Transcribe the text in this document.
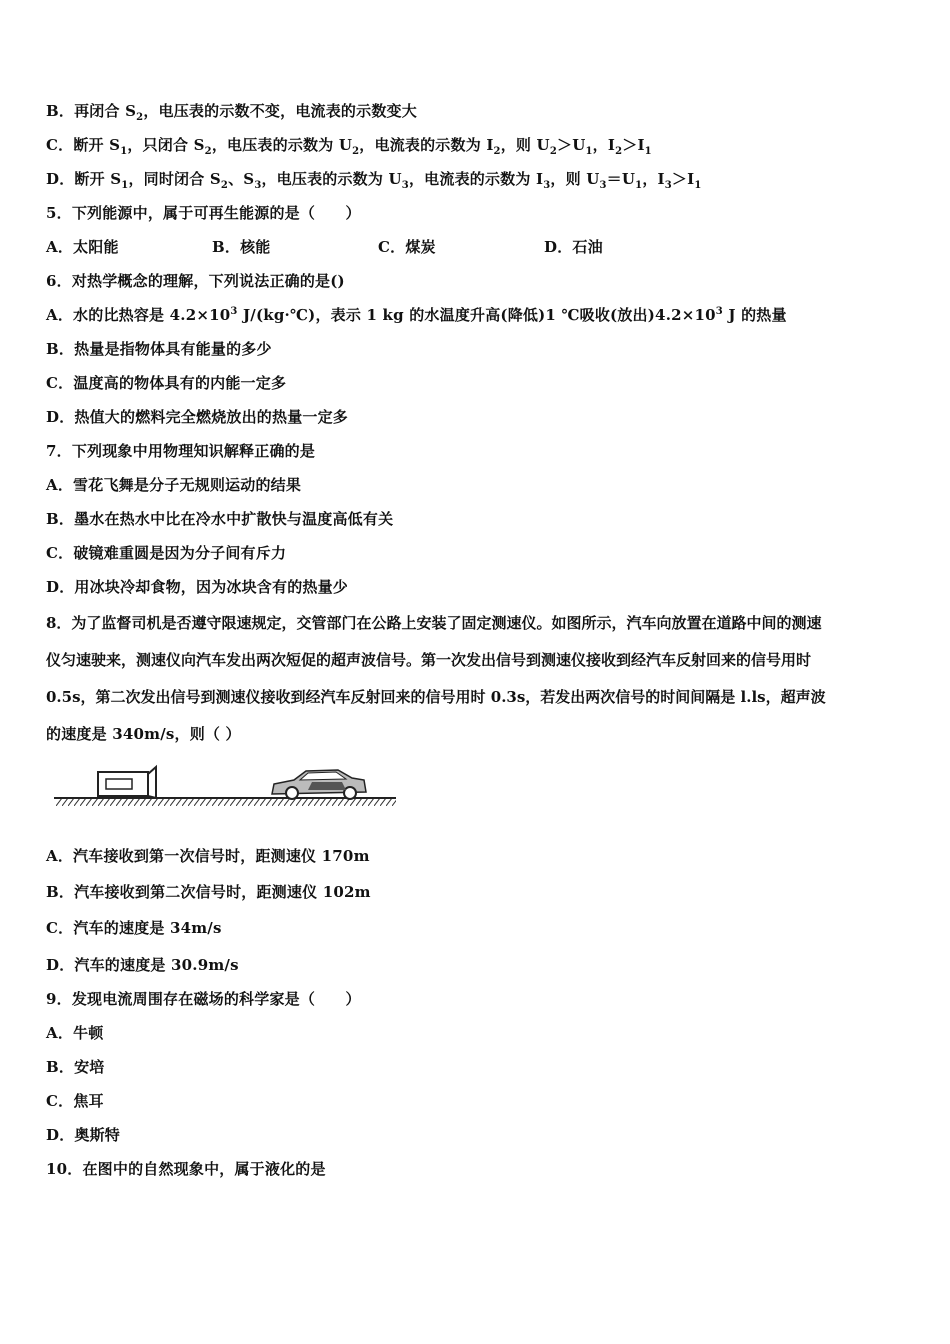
B．再闭合 $S_2$，电压表的示数不变，电流表的示数变大
C．断开 $S_1$，只闭合 $S_2$，电压表的示数为 $U_2$，电流表的示数为 $I_2$，则 $U_2>U_1$，$I_2>I_1$
D．断开 $S_1$，同时闭合 $S_2$、$S_3$，电压表的示数为 $U_3$，电流表的示数为 $I_3$，则 $U_3=U_1$，$I_3>I_1$
5．下列能源中，属于可再生能源的是（　　）
A．太阳能	B．核能	C．煤炭	D．石油
6．对热学概念的理解，下列说法正确的是()
A．水的比热容是 $4.2\times 10^3$ J/(kg·℃)，表示 1 kg 的水温度升高(降低)1 ℃吸收(放出)$4.2\times 10^3$ J 的热量
B．热量是指物体具有能量的多少
C．温度高的物体具有的内能一定多
D．热值大的燃料完全燃烧放出的热量一定多
7．下列现象中用物理知识解释正确的是
A．雪花飞舞是分子无规则运动的结果
B．墨水在热水中比在冷水中扩散快与温度高低有关
C．破镜难重圆是因为分子间有斥力
D．用冰块冷却食物，因为冰块含有的热量少
8．为了监督司机是否遵守限速规定，交管部门在公路上安装了固定测速仪。如图所示，汽车向放置在道路中间的测速
仪匀速驶来，测速仪向汽车发出两次短促的超声波信号。第一次发出信号到测速仪接收到经汽车反射回来的信号用时
0.5s，第二次发出信号到测速仪接收到经汽车反射回来的信号用时 0.3s，若发出两次信号的时间间隔是 l.ls，超声波
的速度是 340m/s，则（ ）
A．汽车接收到第一次信号时，距测速仪 170m
B．汽车接收到第二次信号时，距测速仪 102m
C．汽车的速度是 34m/s
D．汽车的速度是 30.9m/s
9．发现电流周围存在磁场的科学家是（　　）
A．牛顿
B．安培
C．焦耳
D．奥斯特
10．在图中的自然现象中，属于液化的是
